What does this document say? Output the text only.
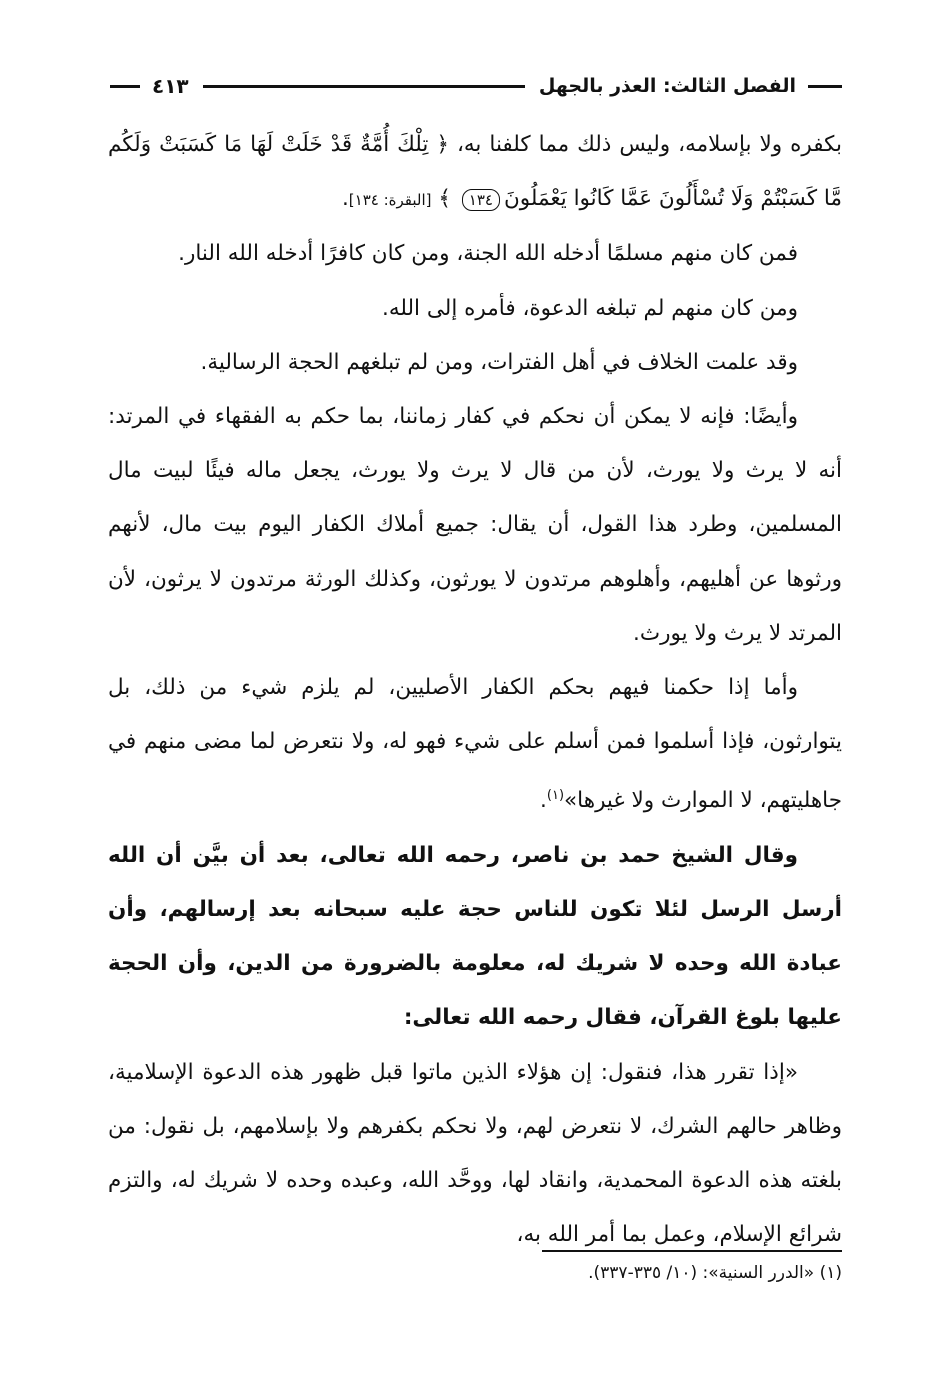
الفصل الثالث: العذر بالجهل
٤١٣

بكفره ولا بإسلامه، وليس ذلك مما كلفنا به، ﴿ تِلْكَ أُمَّةٌ قَدْ خَلَتْ لَهَا مَا كَسَبَتْ وَلَكُم مَّا كَسَبْتُمْ وَلَا تُسْأَلُونَ عَمَّا كَانُوا يَعْمَلُونَ١٣٤ ﴾ [البقرة: ١٣٤].

فمن كان منهم مسلمًا أدخله الله الجنة، ومن كان كافرًا أدخله الله النار.

ومن كان منهم لم تبلغه الدعوة، فأمره إلى الله.

وقد علمت الخلاف في أهل الفترات، ومن لم تبلغهم الحجة الرسالية.

وأيضًا: فإنه لا يمكن أن نحكم في كفار زماننا، بما حكم به الفقهاء في المرتد: أنه لا يرث ولا يورث، لأن من قال لا يرث ولا يورث، يجعل ماله فيئًا لبيت مال المسلمين، وطرد هذا القول، أن يقال: جميع أملاك الكفار اليوم بيت مال، لأنهم ورثوها عن أهليهم، وأهلوهم مرتدون لا يورثون، وكذلك الورثة مرتدون لا يرثون، لأن المرتد لا يرث ولا يورث.

وأما إذا حكمنا فيهم بحكم الكفار الأصليين، لم يلزم شيء من ذلك، بل يتوارثون، فإذا أسلموا فمن أسلم على شيء فهو له، ولا نتعرض لما مضى منهم في جاهليتهم، لا الموارث ولا غيرها»$^{(١)}$.

وقال الشيخ حمد بن ناصر، رحمه الله تعالى، بعد أن بيَّن أن الله أرسل الرسل لئلا تكون للناس حجة عليه سبحانه بعد إرسالهم، وأن عبادة الله وحده لا شريك له، معلومة بالضرورة من الدين، وأن الحجة عليها بلوغ القرآن، فقال رحمه الله تعالى:

«إذا تقرر هذا، فنقول: إن هؤلاء الذين ماتوا قبل ظهور هذه الدعوة الإسلامية، وظاهر حالهم الشرك، لا نتعرض لهم، ولا نحكم بكفرهم ولا بإسلامهم، بل نقول: من بلغته هذه الدعوة المحمدية، وانقاد لها، ووحَّد الله، وعبده وحده لا شريك له، والتزم شرائع الإسلام، وعمل بما أمر الله به،

(١) «الدرر السنية»: (١٠/ ٣٣٥-٣٣٧).
